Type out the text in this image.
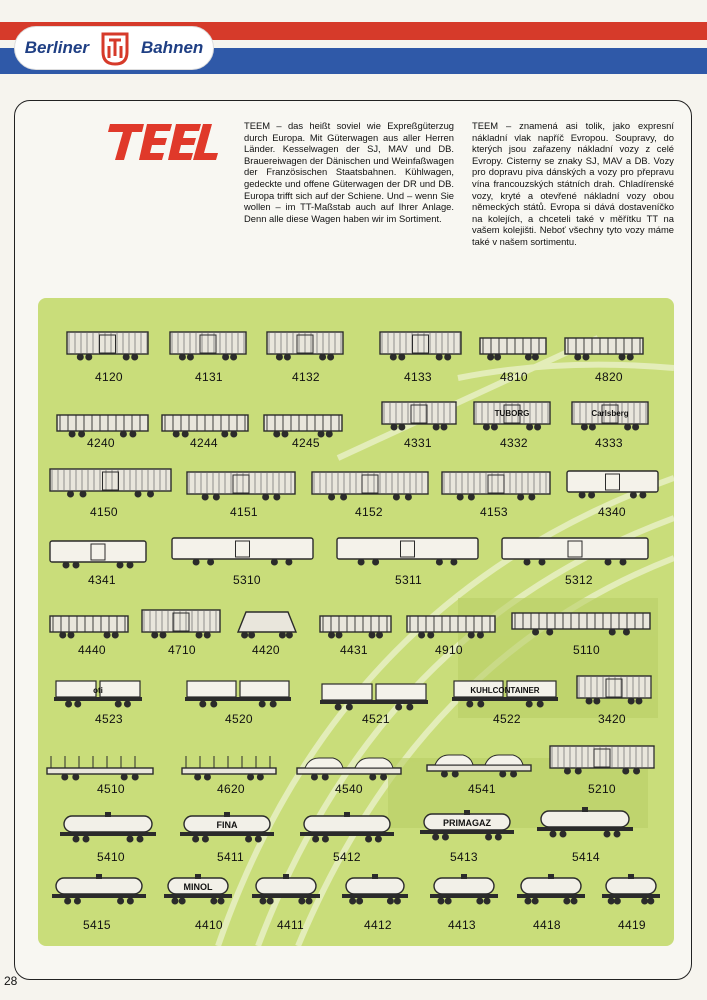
Berliner	Bahnen
TEEM – das heißt soviel wie Expreßgüterzug durch Europa. Mit Güterwagen aus aller Herren Länder. Kesselwagen der SJ, MAV und DB. Brauereiwagen der Dänischen und Weinfaßwagen der Französischen Staatsbahnen. Kühlwagen, gedeckte und offene Güterwagen der DR und DB. Europa trifft sich auf der Schiene. Und – wenn Sie wollen – im TT-Maßstab auch auf Ihrer Anlage. Denn alle diese Wagen haben wir im Sortiment.
TEEM – znamená asi tolik, jako expresní nákladní vlak napříč Evropou. Soupravy, do kterých jsou zařazeny nákladní vozy z celé Evropy. Cisterny se znaky SJ, MAV a DB. Vozy pro dopravu piva dánských a vozy pro přepravu vína francouzských státních drah. Chladírenské vozy, kryté a otevřené nákladní vozy obou německých států. Evropa si dává dostaveníčko na kolejích, a chceteli také v měřítku TT na vašem kolejišti. Neboť všechny tyto vozy máme také v našem sortimentu.
4120	4131	4132	4133	4810	4820
4240	4244	4245	4331
TUBORG
4332
Carlsberg
4333
4150	4151	4152	4153	4340
4341	5310	5311	5312
4440	4710	4420	4431	4910	5110
oti
4523	4520	4521
KUHLCONTAINER
4522	3420
4510	4620	4540	4541	5210
5410
FINA
5411	5412
PRIMAGAZ
5413	5414
5415
MINOL
4410	4411	4412	4413	4418	4419
28
